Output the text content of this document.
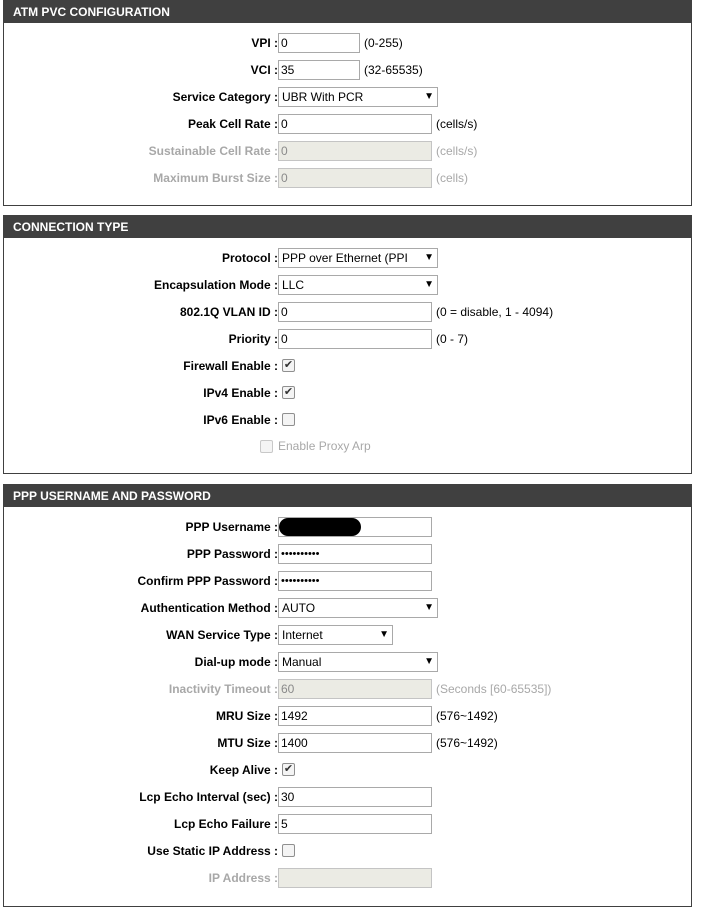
ATM PVC CONFIGURATION
VPI : 0	(0-255)
VCI : 35	(32-65535)
Service Category : UBR With PCR	▼
Peak Cell Rate : 0	(cells/s)
Sustainable Cell Rate : 0	(cells/s)
Maximum Burst Size : 0	(cells)
CONNECTION TYPE
Protocol : PPP over Ethernet (PPI	▼
Encapsulation Mode : LLC	▼
802.1Q VLAN ID : 0	(0 = disable, 1 - 4094)
Priority : 0	(0 - 7)
Firewall Enable : ✔
IPv4 Enable : ✔
IPv6 Enable :
Enable Proxy Arp
PPP USERNAME AND PASSWORD
PPP Username :
PPP Password : ••••••••••
Confirm PPP Password : ••••••••••
Authentication Method : AUTO	▼
WAN Service Type : Internet	▼
Dial-up mode : Manual	▼
Inactivity Timeout : 60	(Seconds [60-65535])
MRU Size : 1492	(576~1492)
MTU Size : 1400	(576~1492)
Keep Alive : ✔
Lcp Echo Interval (sec) : 30
Lcp Echo Failure : 5
Use Static IP Address :
IP Address :
